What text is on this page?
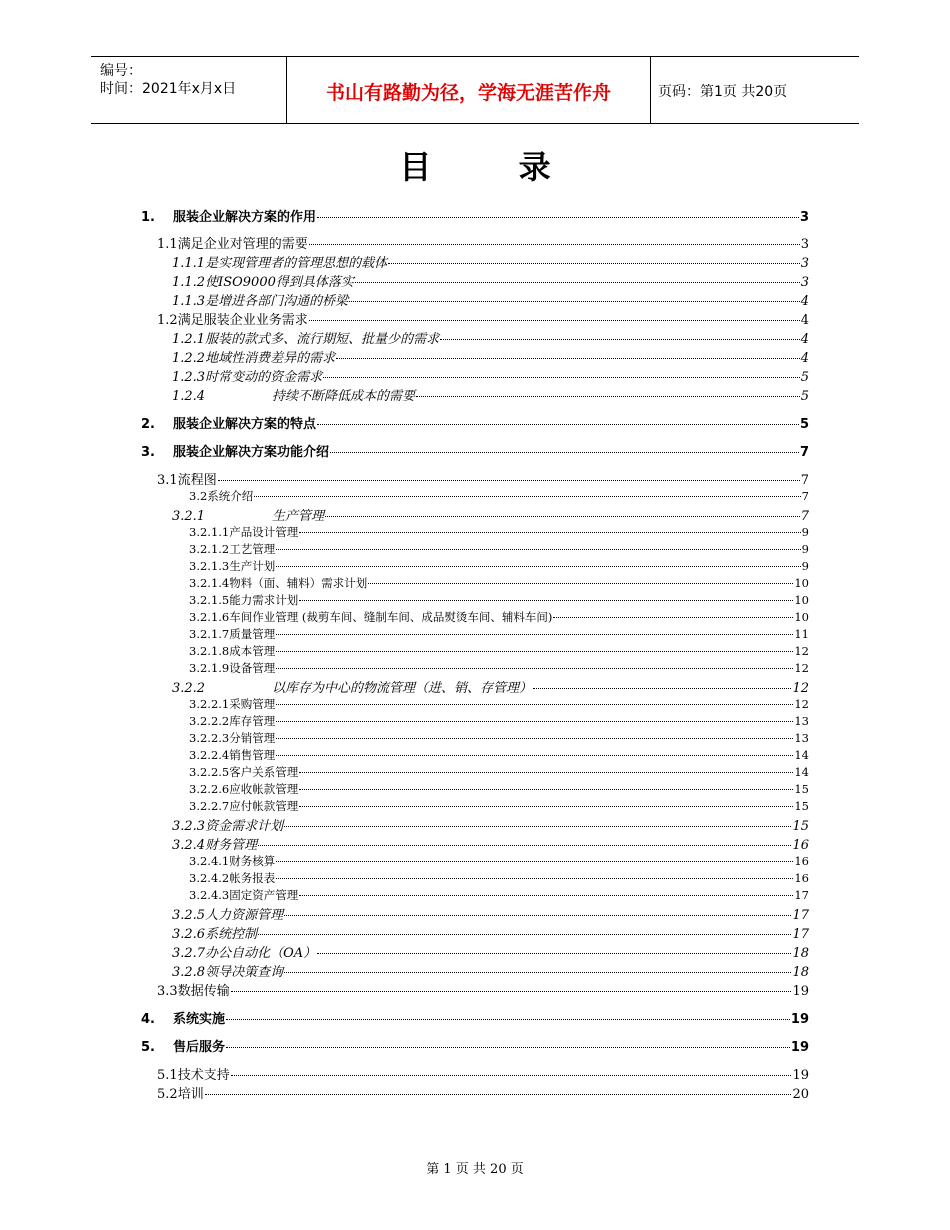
编号：
时间：2021年x月x日	书山有路勤为径，学海无涯苦作舟	页码：第1页 共20页
目 录
1.	服装企业解决方案的作用	3
1.1 满足企业对管理的需要	3
1.1.1 是实现管理者的管理思想的载体	3
1.1.2 使ISO9000得到具体落实	3
1.1.3 是增进各部门沟通的桥梁	4
1.2 满足服装企业业务需求	4
1.2.1 服装的款式多、流行期短、批量少的需求	4
1.2.2 地域性消费差异的需求	4
1.2.3 时常变动的资金需求	5
1.2.4	持续不断降低成本的需要	5
2.	服装企业解决方案的特点	5
3.	服装企业解决方案功能介绍	7
3.1 流程图	7
3.2 系统介绍	7
3.2.1	生产管理	7
3.2.1.1 产品设计管理	9
3.2.1.2 工艺管理	9
3.2.1.3 生产计划	9
3.2.1.4 物料（面、辅料）需求计划	10
3.2.1.5 能力需求计划	10
3.2.1.6 车间作业管理 (裁剪车间、缝制车间、成品熨烫车间、辅料车间)	10
3.2.1.7 质量管理	11
3.2.1.8 成本管理	12
3.2.1.9 设备管理	12
3.2.2	以库存为中心的物流管理（进、销、存管理）	12
3.2.2.1 采购管理	12
3.2.2.2 库存管理	13
3.2.2.3 分销管理	13
3.2.2.4 销售管理	14
3.2.2.5 客户关系管理	14
3.2.2.6 应收帐款管理	15
3.2.2.7 应付帐款管理	15
3.2.3 资金需求计划	15
3.2.4 财务管理	16
3.2.4.1 财务核算	16
3.2.4.2 帐务报表	16
3.2.4.3 固定资产管理	17
3.2.5 人力资源管理	17
3.2.6 系统控制	17
3.2.7 办公自动化（OA）	18
3.2.8 领导决策查询	18
3.3 数据传输	19
4.	系统实施	19
5.	售后服务	19
5.1 技术支持	19
5.2 培训	20
第 1 页 共 20 页
